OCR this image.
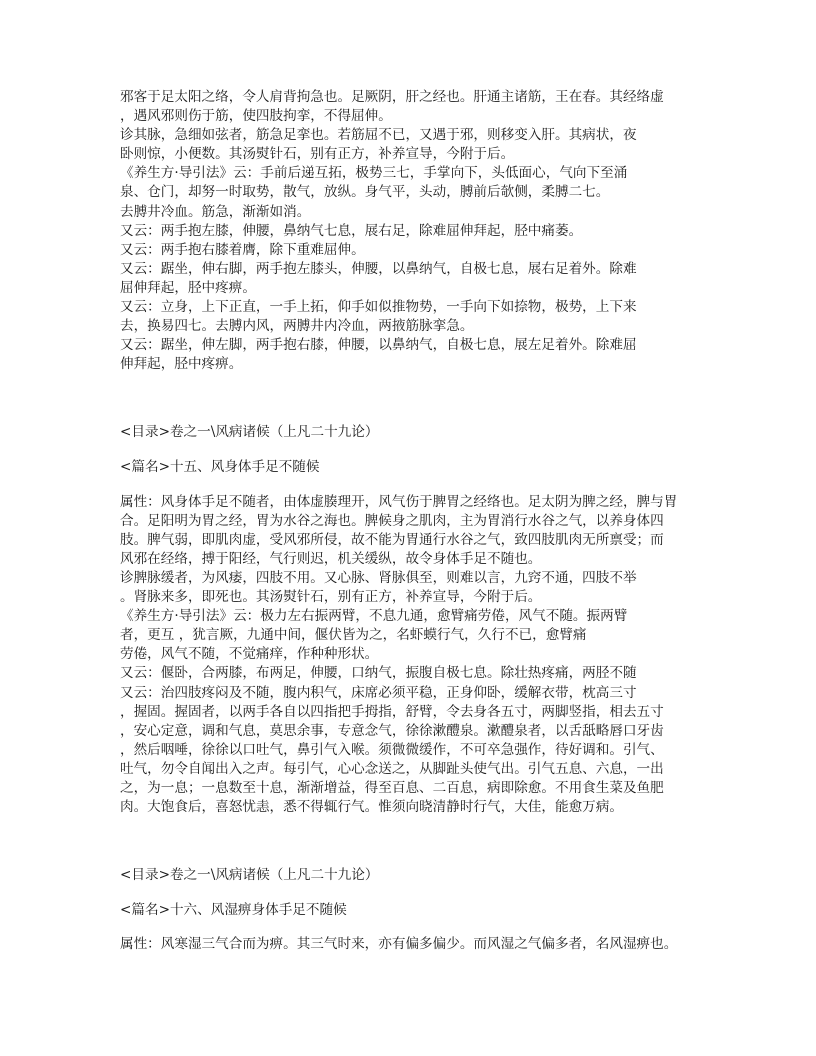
邪客于足太阳之络，令人肩背拘急也。足厥阴，肝之经也。肝通主诸筋，王在春。其经络虚
，遇风邪则伤于筋，使四肢拘挛，不得屈伸。
诊其脉，急细如弦者，筋急足挛也。若筋屈不已，又遇于邪，则移变入肝。其病状，夜
卧则惊，小便数。其汤熨针石，别有正方，补养宣导，今附于后。
《养生方·导引法》云：手前后递互拓，极势三七，手掌向下，头低面心，气向下至涌
泉、仓门，却努一时取势，散气，放纵。身气平，头动，膊前后欹侧，柔膊二七。
去膊井冷血。筋急，渐渐如消。
又云：两手抱左膝，伸腰，鼻纳气七息，展右足，除难屈伸拜起，胫中痛萎。
又云：两手抱右膝着膺，除下重难屈伸。
又云：踞坐，伸右脚，两手抱左膝头，伸腰，以鼻纳气，自极七息，展右足着外。除难
屈伸拜起，胫中疼痹。
又云：立身，上下正直，一手上拓，仰手如似推物势，一手向下如捺物，极势，上下来
去，换易四七。去膊内风，两膊井内冷血，两掖筋脉挛急。
又云：踞坐，伸左脚，两手抱右膝，伸腰，以鼻纳气，自极七息，展左足着外。除难屈
伸拜起，胫中疼痹。
<目录>卷之一\风病诸候（上凡二十九论）
<篇名>十五、风身体手足不随候
属性：风身体手足不随者，由体虚腠理开，风气伤于脾胃之经络也。足太阴为脾之经，脾与胃
合。足阳明为胃之经，胃为水谷之海也。脾候身之肌肉，主为胃消行水谷之气，以养身体四
肢。脾气弱，即肌肉虚，受风邪所侵，故不能为胃通行水谷之气，致四肢肌肉无所禀受；而
风邪在经络，搏于阳经，气行则迟，机关缓纵，故令身体手足不随也。
诊脾脉缓者，为风痿，四肢不用。又心脉、肾脉俱至，则难以言，九窍不通，四肢不举
。肾脉来多，即死也。其汤熨针石，别有正方，补养宣导，今附于后。
《养生方·导引法》云：极力左右振两臂，不息九通，愈臂痛劳倦，风气不随。振两臂
者，更互 ，犹言厥，九通中间，偃伏皆为之，名虾蟆行气，久行不已，愈臂痛
劳倦，风气不随，不觉痛痒，作种种形状。
又云：偃卧，合两膝，布两足，伸腰，口纳气，振腹自极七息。除壮热疼痛，两胫不随
又云：治四肢疼闷及不随，腹内积气，床席必须平稳，正身仰卧，缓解衣带，枕高三寸
，握固。握固者，以两手各自以四指把手拇指，舒臂，令去身各五寸，两脚竖指，相去五寸
，安心定意，调和气息，莫思余事，专意念气，徐徐漱醴泉。漱醴泉者，以舌舐略唇口牙齿
，然后咽唾，徐徐以口吐气，鼻引气入喉。须微微缓作，不可卒急强作，待好调和。引气、
吐气，勿令自闻出入之声。每引气，心心念送之，从脚趾头使气出。引气五息、六息，一出
之，为一息；一息数至十息，渐渐增益，得至百息、二百息，病即除愈。不用食生菜及鱼肥
肉。大饱食后，喜怒忧恚，悉不得辄行气。惟须向晓清静时行气，大佳，能愈万病。
<目录>卷之一\风病诸候（上凡二十九论）
<篇名>十六、风湿痹身体手足不随候
属性：风寒湿三气合而为痹。其三气时来，亦有偏多偏少。而风湿之气偏多者，名风湿痹也。
